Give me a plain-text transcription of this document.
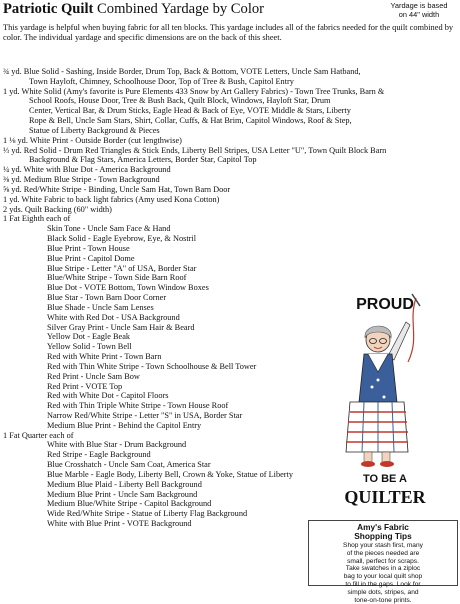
Patriotic Quilt Combined Yardage by Color	Yardage is based
on 44" width
This yardage is helpful when buying fabric for all ten blocks. This yardage includes all of the fabrics needed for the quilt combined by color. The individual yardage and specific dimensions are on the back of this sheet.
¾ yd. Blue Solid - Sashing, Inside Border, Drum Top, Back & Bottom, VOTE Letters, Uncle Sam Hatband,
Town Hayloft, Chimney, Schoolhouse Door, Top of Tree & Bush, Capitol Entry
1 yd. White Solid (Amy's favorite is Pure Elements 433 Snow by Art Gallery Fabrics) - Town Tree Trunks, Barn &
School Roofs, House Door, Tree & Bush Back, Quilt Block, Windows, Hayloft Star, Drum
Center, Vertical Bar, & Drum Sticks, Eagle Head & Back of Eye, VOTE Middle & Stars, Liberty
Rope & Bell, Uncle Sam Stars, Shirt, Collar, Cuffs, & Hat Brim, Capitol Windows, Roof & Step,
Statue of Liberty Background & Pieces
1 ⅛ yd. White Print - Outside Border (cut lengthwise)
⅓ yd. Red Solid - Drum Red Triangles & Stick Ends, Liberty Bell Stripes, USA Letter "U", Town Quilt Block Barn
Background & Flag Stars, America Letters, Border Star, Capitol Top
¼ yd. White with Blue Dot - America Background
⅜ yd. Medium Blue Stripe - Town Background
⅝ yd. Red/White Stripe - Binding, Uncle Sam Hat, Town Barn Door
1 yd. White Fabric to back light fabrics (Amy used Kona Cotton)
2 yds. Quilt Backing (60" width)
1 Fat Eighth each of
Skin Tone - Uncle Sam Face & Hand
Black Solid - Eagle Eyebrow, Eye, & Nostril
Blue Print - Town House
Blue Print - Capitol Dome
Blue Stripe - Letter "A" of USA, Border Star
Blue/White Stripe - Town Side Barn Roof
Blue Dot - VOTE Bottom, Town Window Boxes
Blue Star - Town Barn Door Corner
Blue Shade - Uncle Sam Lenses
White with Red Dot - USA Background
Silver Gray Print - Uncle Sam Hair & Beard
Yellow Dot - Eagle Beak
Yellow Solid - Town Bell
Red with White Print - Town Barn
Red with Thin White Stripe - Town Schoolhouse & Bell Tower
Red Print - Uncle Sam Bow
Red Print - VOTE Top
Red with White Dot - Capitol Floors
Red with Thin Triple White Stripe - Town House Roof
Narrow Red/White Stripe - Letter "S" in USA, Border Star
Medium Blue Print - Behind the Capitol Entry
1 Fat Quarter each of
White with Blue Star - Drum Background
Red Stripe - Eagle Background
Blue Crosshatch - Uncle Sam Coat, America Star
Blue Marble - Eagle Body, Liberty Bell, Crown & Yoke, Statue of Liberty
Medium Blue Plaid - Liberty Bell Background
Medium Blue Print - Uncle Sam Background
Medium Blue/White Stripe - Capitol Background
Wide Red/White Stripe - Statue of Liberty Flag Background
White with Blue Print - VOTE Background
PROUD
TO BE A
QUILTER
Amy's Fabric
Shopping Tips
Shop your stash first, many
of the pieces needed are
small, perfect for scraps.
Take swatches in a ziploc
bag to your local quilt shop
to fill in the gaps. Look for
simple dots, stripes, and
tone-on-tone prints.
